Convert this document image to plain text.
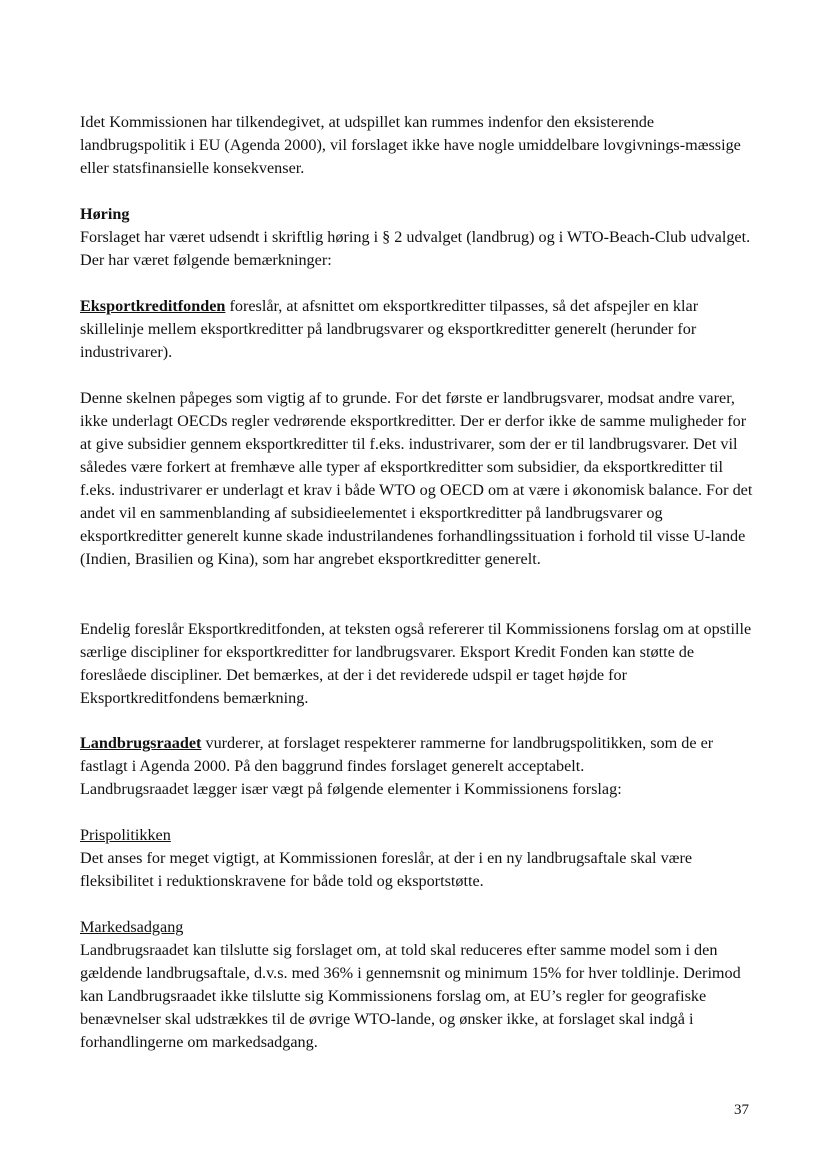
Idet Kommissionen har tilkendegivet, at udspillet kan rummes indenfor den eksisterende landbrugspolitik i EU (Agenda 2000), vil forslaget ikke have nogle umiddelbare lovgivnings-mæssige eller statsfinansielle konsekvenser.

Høring

Forslaget har været udsendt i skriftlig høring i § 2 udvalget (landbrug) og i WTO-Beach-Club udvalget. Der har været følgende bemærkninger:

Eksportkreditfonden foreslår, at afsnittet om eksportkreditter tilpasses, så det afspejler en klar skillelinje mellem eksportkreditter på landbrugsvarer og eksportkreditter generelt (herunder for industrivarer).

Denne skelnen påpeges som vigtig af to grunde. For det første er landbrugsvarer, modsat andre varer, ikke underlagt OECDs regler vedrørende eksportkreditter. Der er derfor ikke de samme muligheder for at give subsidier gennem eksportkreditter til f.eks. industrivarer, som der er til landbrugsvarer. Det vil således være forkert at fremhæve alle typer af eksportkreditter som subsidier, da eksportkreditter til f.eks. industrivarer er underlagt et krav i både WTO og OECD om at være i økonomisk balance. For det andet vil en sammenblanding af subsidieelementet i eksportkreditter på landbrugsvarer og eksportkreditter generelt kunne skade industrilandenes forhandlingssituation i forhold til visse U-lande (Indien, Brasilien og Kina), som har angrebet eksportkreditter generelt.

Endelig foreslår Eksportkreditfonden, at teksten også refererer til Kommissionens forslag om at opstille særlige discipliner for eksportkreditter for landbrugsvarer. Eksport Kredit Fonden kan støtte de foreslåede discipliner. Det bemærkes, at der i det reviderede udspil er taget højde for Eksportkreditfondens bemærkning.

Landbrugsraadet vurderer, at forslaget respekterer rammerne for landbrugspolitikken, som de er fastlagt i Agenda 2000. På den baggrund findes forslaget generelt acceptabelt.

Landbrugsraadet lægger især vægt på følgende elementer i Kommissionens forslag:

Prispolitikken

Det anses for meget vigtigt, at Kommissionen foreslår, at der i en ny landbrugsaftale skal være fleksibilitet i reduktionskravene for både told og eksportstøtte.

Markedsadgang

Landbrugsraadet kan tilslutte sig forslaget om, at told skal reduceres efter samme model som i den gældende landbrugsaftale, d.v.s. med 36% i gennemsnit og minimum 15% for hver toldlinje. Derimod kan Landbrugsraadet ikke tilslutte sig Kommissionens forslag om, at EU’s regler for geografiske benævnelser skal udstrækkes til de øvrige WTO-lande, og ønsker ikke, at forslaget skal indgå i forhandlingerne om markedsadgang.

37
